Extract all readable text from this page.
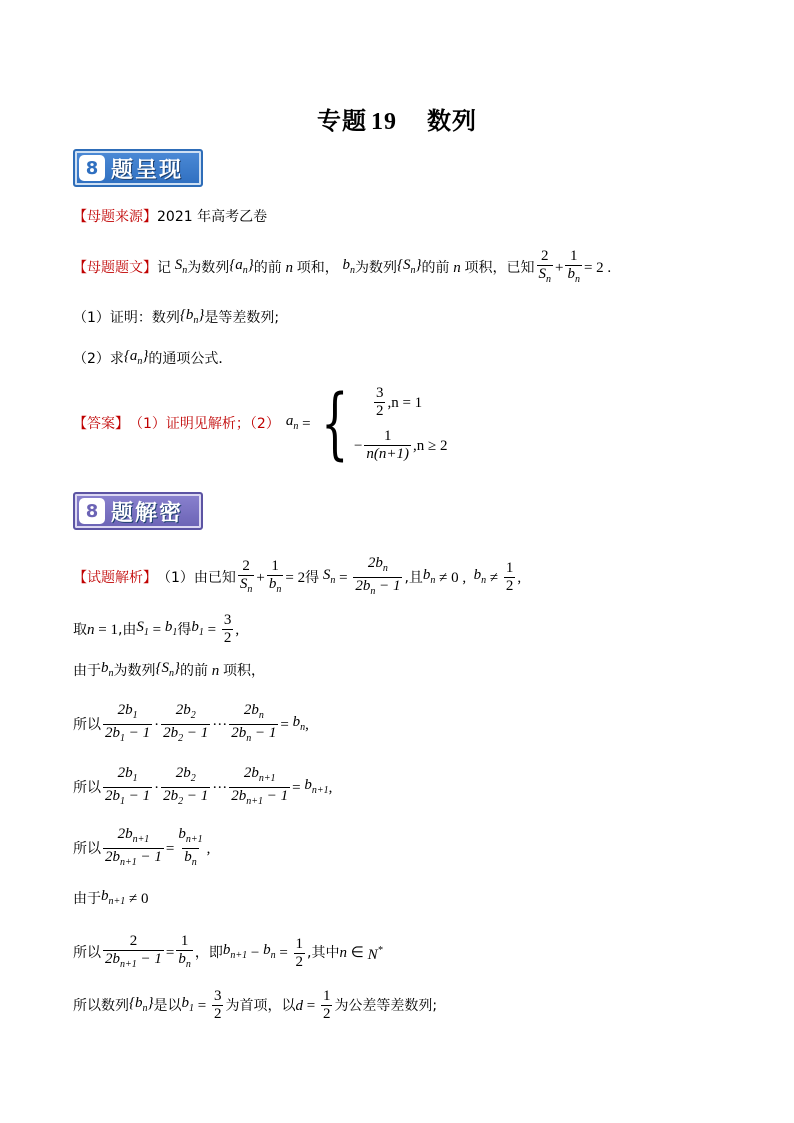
专题 19 数列
8 题呈现
【母题来源】 2021 年高考乙卷
【母题题文】 记 $S_n$ 为数列 $\{a_n\}$ 的前 n 项和， $b_n$ 为数列 $\{S_n\}$ 的前 n 项积，已知 $\frac{2}{S_n} + \frac{1}{b_n} = 2$ .
（1）证明：数列 $\{b_n\}$ 是等差数列;
（2）求 $\{a_n\}$ 的通项公式．
【答案】 （1）证明见解析；（2） $a_n$ = { $\frac{3}{2} ,n = 1$
− $\frac{1}{n(n+1)} ,n \ge 2$
8 题解密
【试题解析】 （1）由已知 $\frac{2}{S_n} + \frac{1}{b_n} = 2$ 得 $S_n = \frac{2b_n}{2b_n - 1}$ ,且 $b_n \ne 0$ , $b_n \ne \frac{1}{2}$ ,
取 n = 1 ,由 $S_1 = b_1$ 得 $b_1 = \frac{3}{2}$ ,
由于 $b_n$ 为数列 $\{S_n\}$ 的前 n 项积，
所以 $\frac{2b_1}{2b_1 - 1} \cdot \frac{2b_2}{2b_2 - 1}$ ··· $\frac{2b_n}{2b_n - 1} = b_n$ ,
所以 $\frac{2b_1}{2b_1 - 1} \cdot \frac{2b_2}{2b_2 - 1}$ ··· $\frac{2b_{n+1}}{2b_{n+1} - 1} = b_{n+1}$ ,
所以 $\frac{2b_{n+1}}{2b_{n+1} - 1} = \frac{b_{n+1}}{b_n}$ ,
由于 $b_{n+1} \ne 0$
所以 $\frac{2}{2b_{n+1} - 1} = \frac{1}{b_n}$ ，即 $b_{n+1} - b_n = \frac{1}{2}$ ,其中 n ∈ N*
所以数列 $\{b_n\}$ 是以 $b_1 = \frac{3}{2}$ 为首项，以 $d = \frac{1}{2}$ 为公差等差数列;
